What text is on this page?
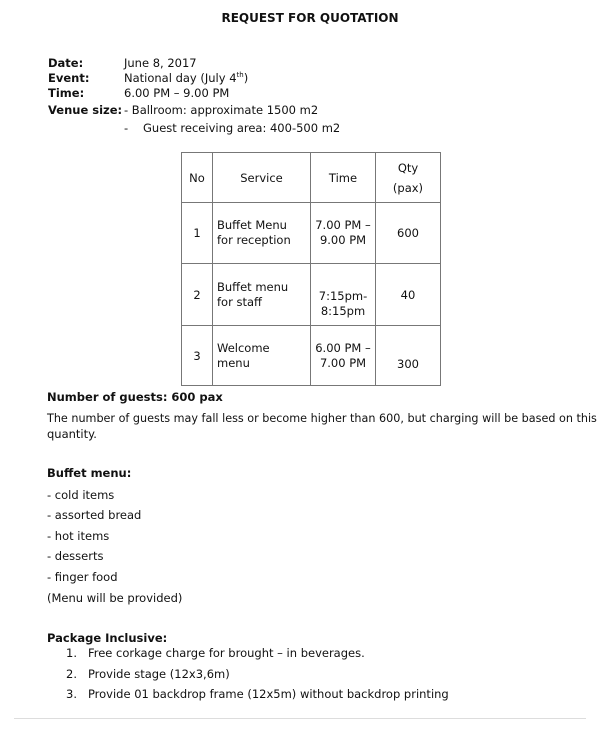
REQUEST FOR QUOTATION
Date:	June 8, 2017
Event:	National day (July 4th)
Time:	6.00 PM – 9.00 PM
Venue size: - Ballroom: approximate 1500 m2
- Guest receiving area: 400-500 m2
No	Service	Time	Qty
(pax)

1	Buffet Menu for reception	7.00 PM – 9.00 PM	600
2	Buffet menu for staff	7:15pm- 8:15pm	40
3	Welcome menu	6.00 PM – 7.00 PM	300
Number of guests: 600 pax
The number of guests may fall less or become higher than 600, but charging will be based on this
quantity.
Buffet menu:
- cold items
- assorted bread
- hot items
- desserts
- finger food
(Menu will be provided)
Package Inclusive:
1.   Free corkage charge for brought – in beverages.
2.   Provide stage (12x3,6m)
3.   Provide 01 backdrop frame (12x5m) without backdrop printing
